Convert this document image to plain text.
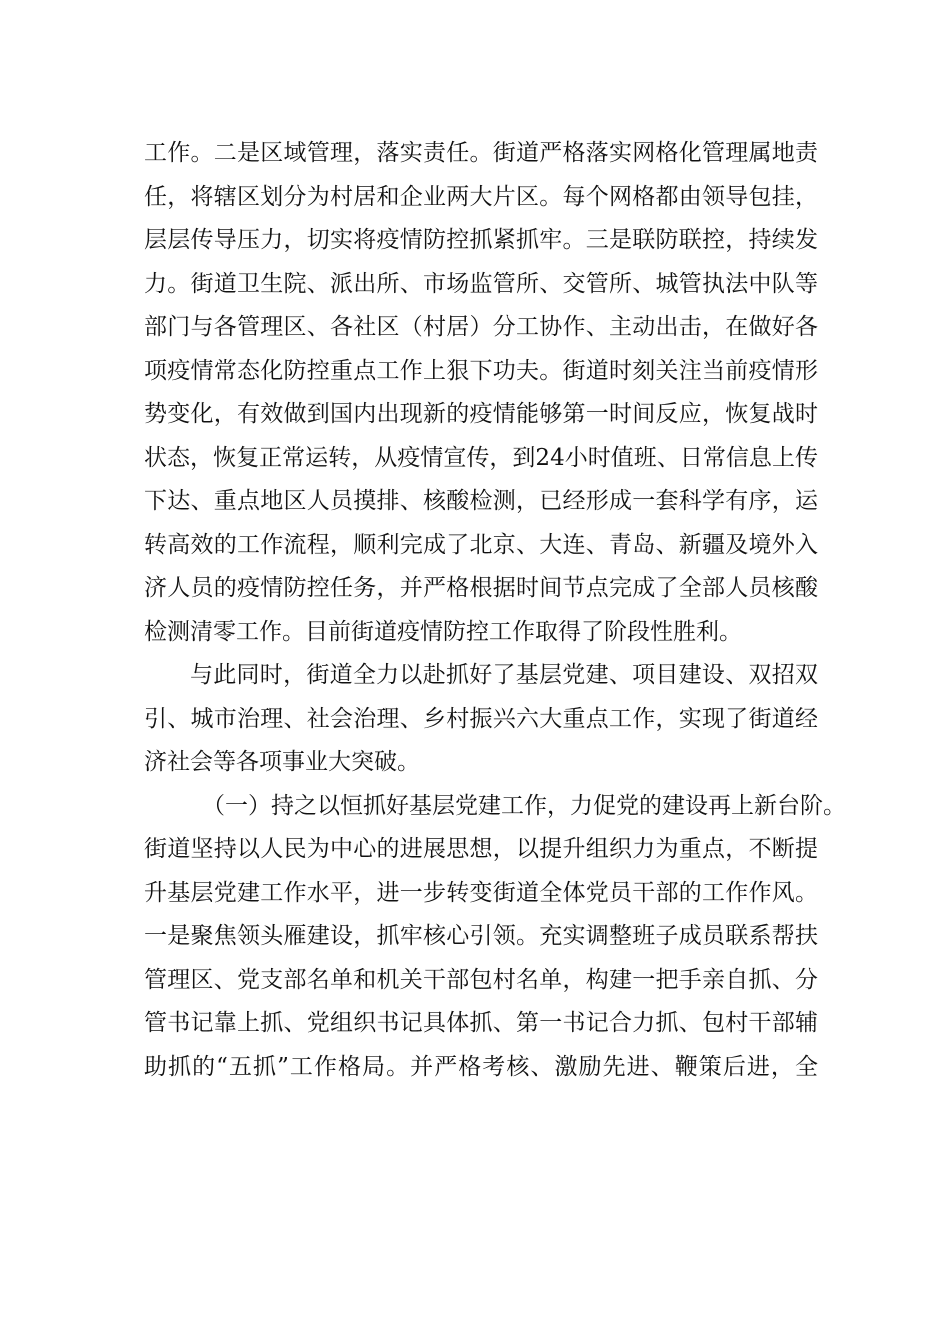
工作。二是区域管理，落实责任。街道严格落实网格化管理属地责
任，将辖区划分为村居和企业两大片区。每个网格都由领导包挂，
层层传导压力，切实将疫情防控抓紧抓牢。三是联防联控，持续发
力。街道卫生院、派出所、市场监管所、交管所、城管执法中队等
部门与各管理区、各社区（村居）分工协作、主动出击，在做好各
项疫情常态化防控重点工作上狠下功夫。街道时刻关注当前疫情形
势变化，有效做到国内出现新的疫情能够第一时间反应，恢复战时
状态，恢复正常运转，从疫情宣传，到24小时值班、日常信息上传
下达、重点地区人员摸排、核酸检测，已经形成一套科学有序，运
转高效的工作流程，顺利完成了北京、大连、青岛、新疆及境外入
济人员的疫情防控任务，并严格根据时间节点完成了全部人员核酸
检测清零工作。目前街道疫情防控工作取得了阶段性胜利。
与此同时，街道全力以赴抓好了基层党建、项目建设、双招双
引、城市治理、社会治理、乡村振兴六大重点工作，实现了街道经
济社会等各项事业大突破。
（一）持之以恒抓好基层党建工作，力促党的建设再上新台阶。
街道坚持以人民为中心的进展思想，以提升组织力为重点，不断提
升基层党建工作水平，进一步转变街道全体党员干部的工作作风。
一是聚焦领头雁建设，抓牢核心引领。充实调整班子成员联系帮扶
管理区、党支部名单和机关干部包村名单，构建一把手亲自抓、分
管书记靠上抓、党组织书记具体抓、第一书记合力抓、包村干部辅
助抓的“五抓”工作格局。并严格考核、激励先进、鞭策后进，全
